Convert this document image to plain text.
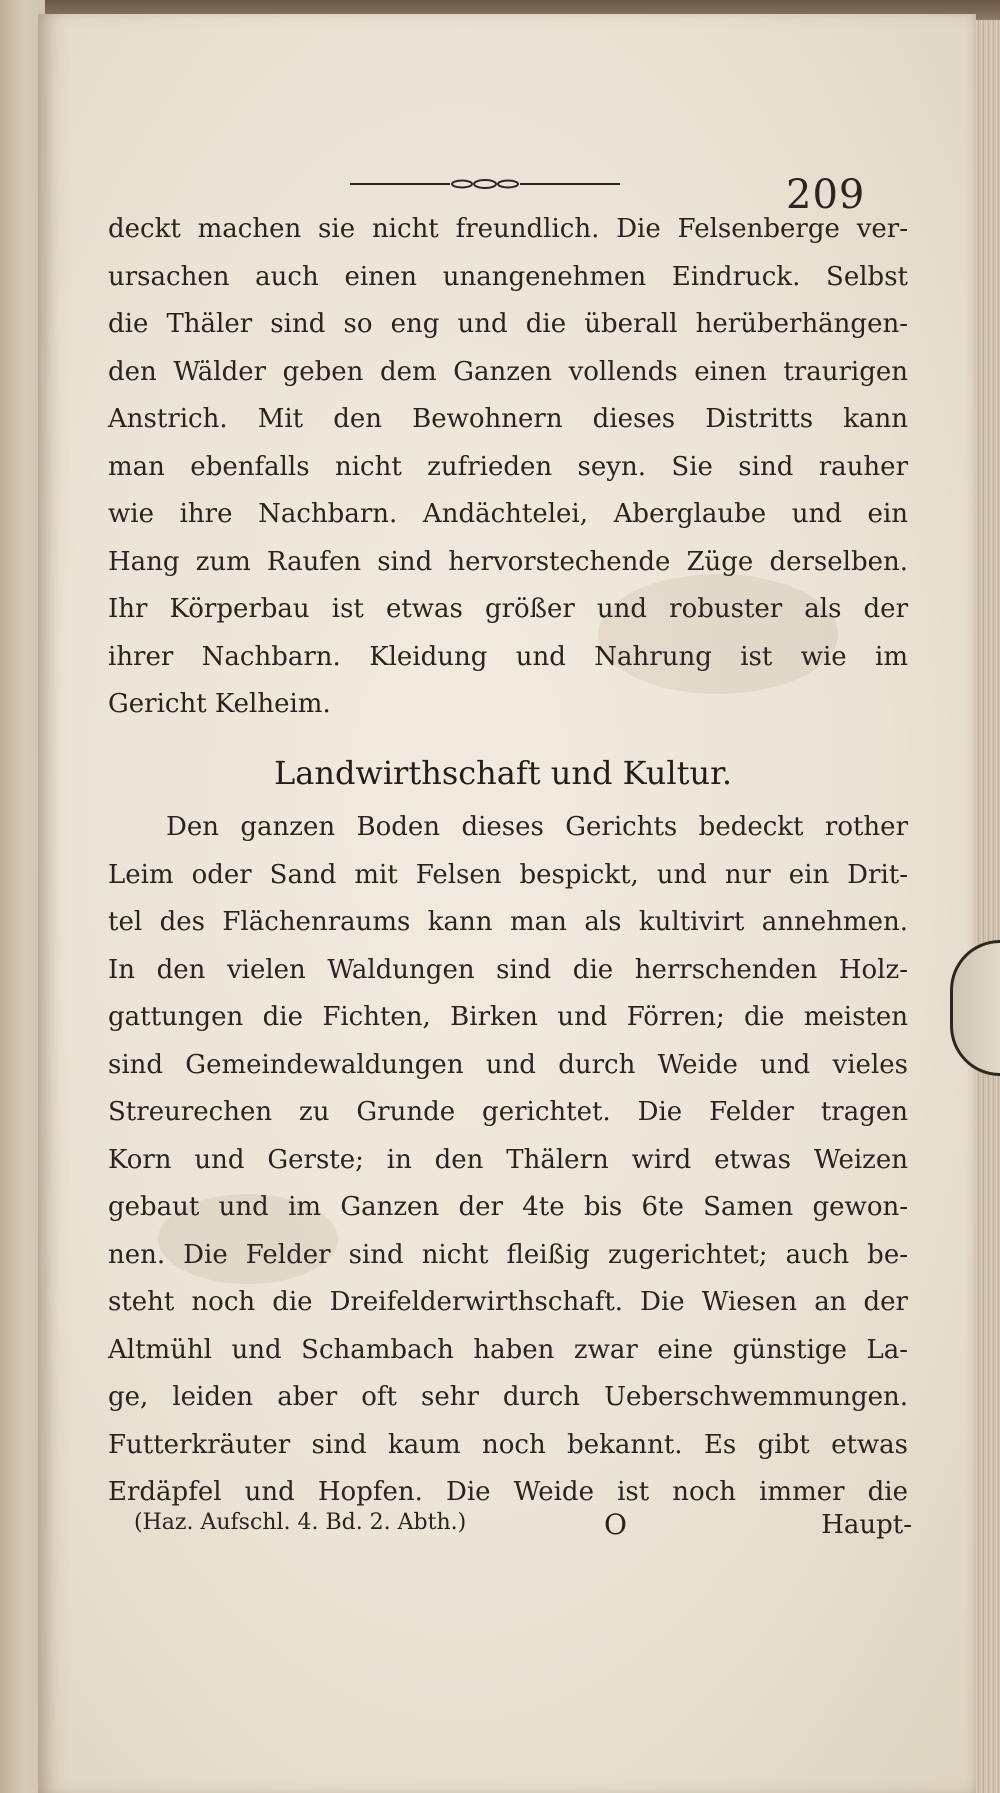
209
deckt machen sie nicht freundlich. Die Felsenberge ver-
ursachen auch einen unangenehmen Eindruck. Selbst
die Thäler sind so eng und die überall herüberhängen-
den Wälder geben dem Ganzen vollends einen traurigen
Anstrich. Mit den Bewohnern dieses Distritts kann
man ebenfalls nicht zufrieden seyn. Sie sind rauher
wie ihre Nachbarn. Andächtelei, Aberglaube und ein
Hang zum Raufen sind hervorstechende Züge derselben.
Ihr Körperbau ist etwas größer und robuster als der
ihrer Nachbarn. Kleidung und Nahrung ist wie im
Gericht Kelheim.
Landwirthschaft und Kultur.
Den ganzen Boden dieses Gerichts bedeckt rother
Leim oder Sand mit Felsen bespickt, und nur ein Drit-
tel des Flächenraums kann man als kultivirt annehmen.
In den vielen Waldungen sind die herrschenden Holz-
gattungen die Fichten, Birken und Förren; die meisten
sind Gemeindewaldungen und durch Weide und vieles
Streurechen zu Grunde gerichtet. Die Felder tragen
Korn und Gerste; in den Thälern wird etwas Weizen
gebaut und im Ganzen der 4te bis 6te Samen gewon-
nen. Die Felder sind nicht fleißig zugerichtet; auch be-
steht noch die Dreifelderwirthschaft. Die Wiesen an der
Altmühl und Schambach haben zwar eine günstige La-
ge, leiden aber oft sehr durch Ueberschwemmungen.
Futterkräuter sind kaum noch bekannt. Es gibt etwas
Erdäpfel und Hopfen. Die Weide ist noch immer die
(Haz. Aufschl. 4. Bd. 2. Abth.)	O	Haupt-
